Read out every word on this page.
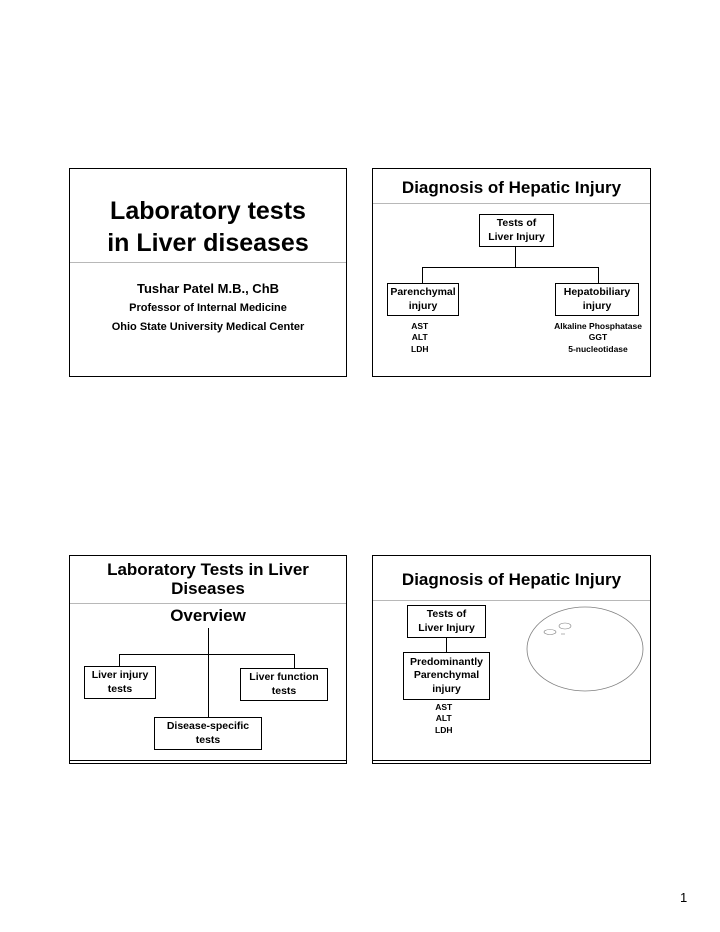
Laboratory tests
in Liver diseases
Tushar Patel M.B., ChB
Professor of Internal Medicine
Ohio State University Medical Center
Diagnosis of Hepatic Injury
Tests of
Liver Injury
Parenchymal
injury
Hepatobiliary
injury
AST
ALT
LDH
Alkaline Phosphatase
GGT
5-nucleotidase
Laboratory Tests in Liver
Diseases
Overview
Liver injury
tests
Liver function
tests
Disease-specific
tests
Diagnosis of Hepatic Injury
Tests of
Liver Injury
Predominantly
Parenchymal
injury
AST
ALT
LDH
1
